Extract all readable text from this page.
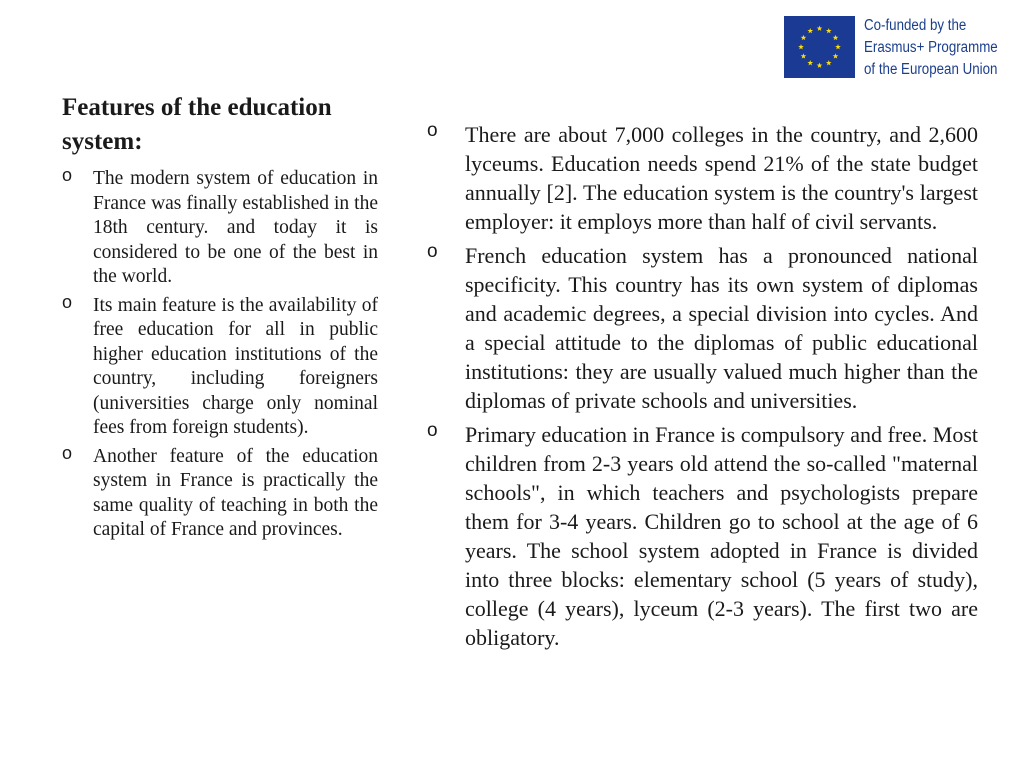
Co-funded by the
Erasmus+ Programme
of the European Union
Features of the education system:
o The modern system of education in France was finally established in the 18th century. and today it is considered to be one of the best in the world.
o Its main feature is the availability of free education for all in public higher education institutions of the country, including foreigners (universities charge only nominal fees from foreign students).
o Another feature of the education system in France is practically the same quality of teaching in both the capital of France and provinces.
o There are about 7,000 colleges in the country, and 2,600 lyceums. Education needs spend 21% of the state budget annually [2]. The education system is the country's largest employer: it employs more than half of civil servants.
o French education system has a pronounced national specificity. This country has its own system of diplomas and academic degrees, a special division into cycles. And a special attitude to the diplomas of public educational institutions: they are usually valued much higher than the diplomas of private schools and universities.
o Primary education in France is compulsory and free. Most children from 2-3 years old attend the so-called "maternal schools", in which teachers and psychologists prepare them for 3-4 years. Children go to school at the age of 6 years. The school system adopted in France is divided into three blocks: elementary school (5 years of study), college (4 years), lyceum (2-3 years). The first two are obligatory.
